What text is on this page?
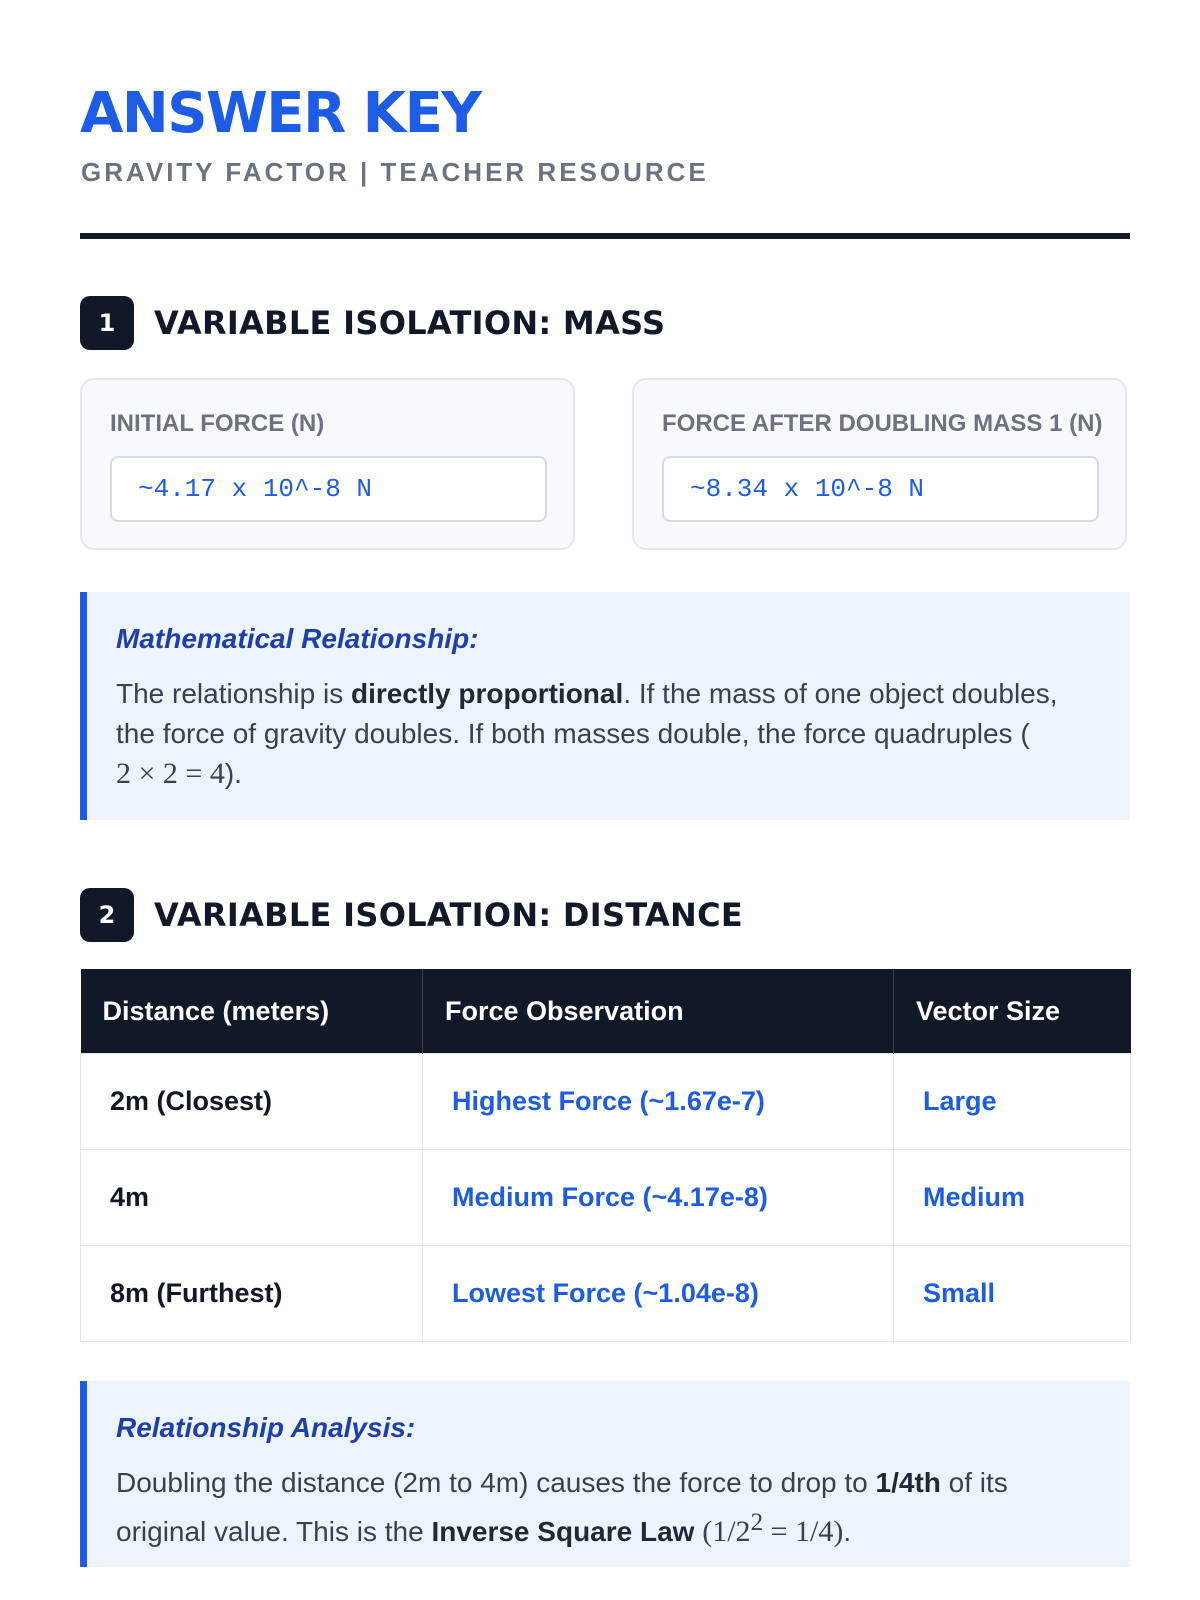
ANSWER KEY

GRAVITY FACTOR | TEACHER RESOURCE

1	VARIABLE ISOLATION: MASS
INITIAL FORCE (N)
~4.17 x 10^-8 N	FORCE AFTER DOUBLING MASS 1 (N)
~8.34 x 10^-8 N
Mathematical Relationship:
The relationship is directly proportional. If the mass of one object doubles, the force of gravity doubles. If both masses double, the force quadruples (
2 × 2 = 4).
2	VARIABLE ISOLATION: DISTANCE
Distance (meters)	Force Observation	Vector Size
2m (Closest)	Highest Force (~1.67e-7)	Large
4m	Medium Force (~4.17e-8)	Medium
8m (Furthest)	Lowest Force (~1.04e-8)	Small
Relationship Analysis:
Doubling the distance (2m to 4m) causes the force to drop to 1/4th of its original value. This is the Inverse Square Law $(1/2^2 = 1/4)$.
